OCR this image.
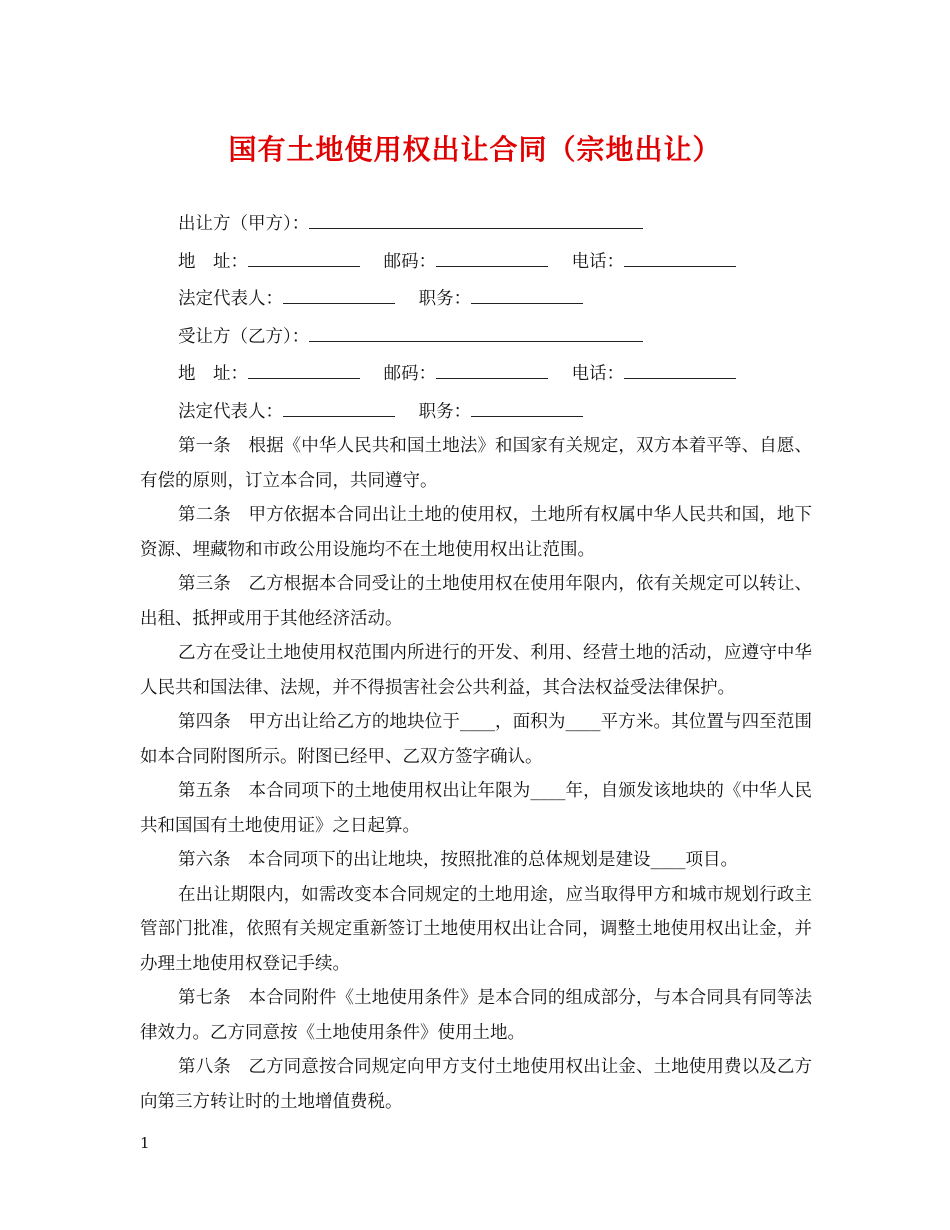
国有土地使用权出让合同（宗地出让）
出让方（甲方）：
地　址：	邮码：	电话：
法定代表人：	职务：
受让方（乙方）：
地　址：	邮码：	电话：
法定代表人：	职务：
第一条　根据《中华人民共和国土地法》和国家有关规定，双方本着平等、自愿、有偿的原则，订立本合同，共同遵守。
第二条　甲方依据本合同出让土地的使用权，土地所有权属中华人民共和国，地下资源、埋藏物和市政公用设施均不在土地使用权出让范围。
第三条　乙方根据本合同受让的土地使用权在使用年限内，依有关规定可以转让、出租、抵押或用于其他经济活动。
乙方在受让土地使用权范围内所进行的开发、利用、经营土地的活动，应遵守中华人民共和国法律、法规，并不得损害社会公共利益，其合法权益受法律保护。
第四条　甲方出让给乙方的地块位于____，面积为____平方米。其位置与四至范围如本合同附图所示。附图已经甲、乙双方签字确认。
第五条　本合同项下的土地使用权出让年限为____年，自颁发该地块的《中华人民共和国国有土地使用证》之日起算。
第六条　本合同项下的出让地块，按照批准的总体规划是建设____项目。
在出让期限内，如需改变本合同规定的土地用途，应当取得甲方和城市规划行政主管部门批准，依照有关规定重新签订土地使用权出让合同，调整土地使用权出让金，并办理土地使用权登记手续。
第七条　本合同附件《土地使用条件》是本合同的组成部分，与本合同具有同等法律效力。乙方同意按《土地使用条件》使用土地。
第八条　乙方同意按合同规定向甲方支付土地使用权出让金、土地使用费以及乙方向第三方转让时的土地增值费税。
1
